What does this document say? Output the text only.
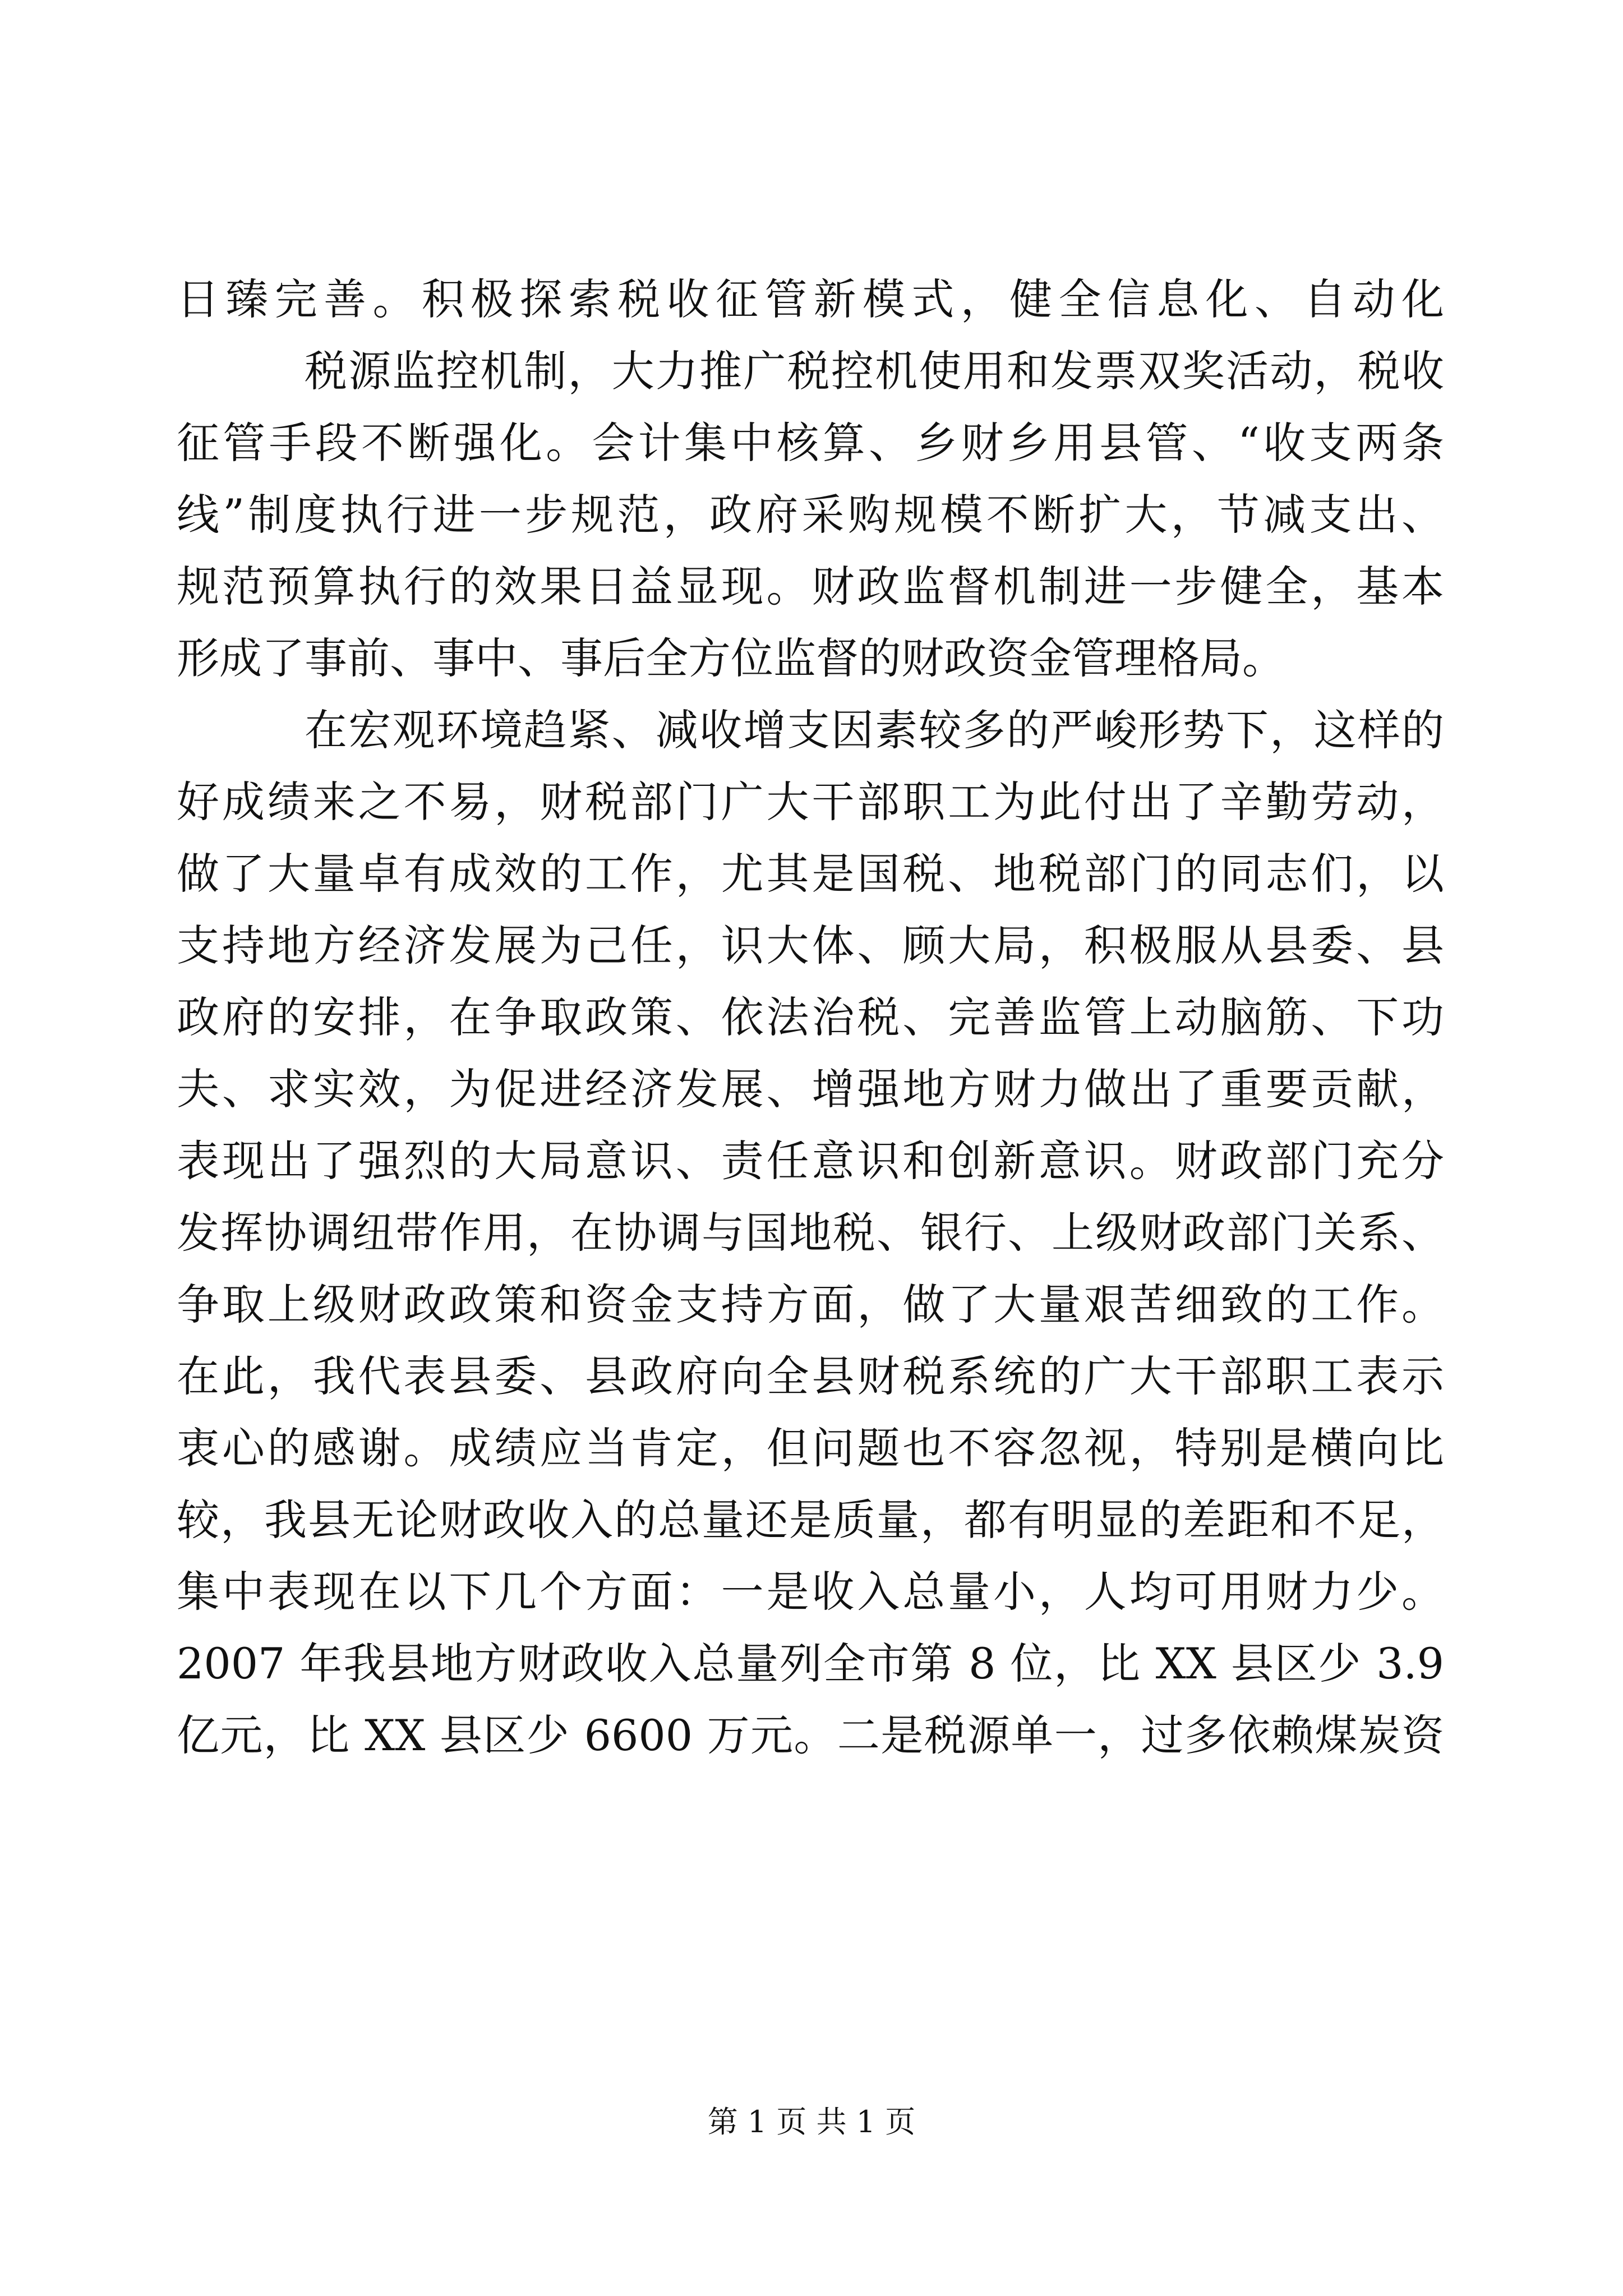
日臻完善。积极探索税收征管新模式，健全信息化、自动化
税源监控机制，大力推广税控机使用和发票双奖活动，税收
征管手段不断强化。会计集中核算、乡财乡用县管、“收支两条
线”制度执行进一步规范，政府采购规模不断扩大，节减支出、
规范预算执行的效果日益显现。财政监督机制进一步健全，基本
形成了事前、事中、事后全方位监督的财政资金管理格局。
在宏观环境趋紧、减收增支因素较多的严峻形势下，这样的
好成绩来之不易，财税部门广大干部职工为此付出了辛勤劳动，
做了大量卓有成效的工作，尤其是国税、地税部门的同志们，以
支持地方经济发展为己任，识大体、顾大局，积极服从县委、县
政府的安排，在争取政策、依法治税、完善监管上动脑筋、下功
夫、求实效，为促进经济发展、增强地方财力做出了重要贡献，
表现出了强烈的大局意识、责任意识和创新意识。财政部门充分
发挥协调纽带作用，在协调与国地税、银行、上级财政部门关系、
争取上级财政政策和资金支持方面，做了大量艰苦细致的工作。
在此，我代表县委、县政府向全县财税系统的广大干部职工表示
衷心的感谢。成绩应当肯定，但问题也不容忽视，特别是横向比
较，我县无论财政收入的总量还是质量，都有明显的差距和不足，
集中表现在以下几个方面：一是收入总量小，人均可用财力少。
2007 年我县地方财政收入总量列全市第 8 位，比 XX 县区少 3.9
亿元，比 XX 县区少 6600 万元。二是税源单一，过多依赖煤炭资
第 1 页 共 1 页
